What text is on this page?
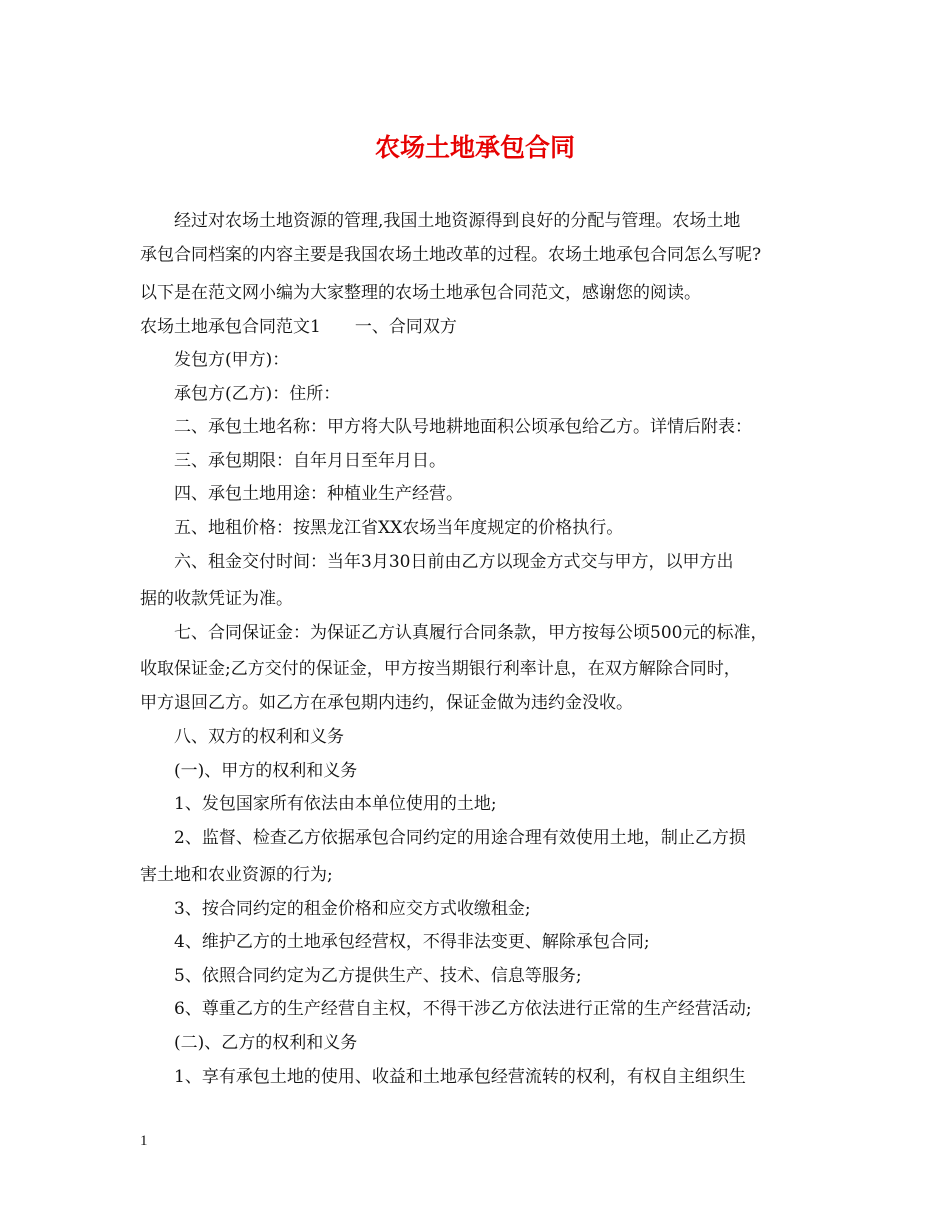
农场土地承包合同
　　经过对农场土地资源的管理,我国土地资源得到良好的分配与管理。农场土地
承包合同档案的内容主要是我国农场土地改革的过程。农场土地承包合同怎么写呢?
以下是在范文网小编为大家整理的农场土地承包合同范文，感谢您的阅读。
农场土地承包合同范文1　　一、合同双方
　　发包方(甲方)：
　　承包方(乙方)：住所：
　　二、承包土地名称：甲方将大队号地耕地面积公顷承包给乙方。详情后附表：
　　三、承包期限：自年月日至年月日。
　　四、承包土地用途：种植业生产经营。
　　五、地租价格：按黑龙江省XX农场当年度规定的价格执行。
　　六、租金交付时间：当年3月30日前由乙方以现金方式交与甲方，以甲方出
据的收款凭证为准。
　　七、合同保证金：为保证乙方认真履行合同条款，甲方按每公顷500元的标准，
收取保证金;乙方交付的保证金，甲方按当期银行利率计息，在双方解除合同时，
甲方退回乙方。如乙方在承包期内违约，保证金做为违约金没收。
　　八、双方的权利和义务
　　(一)、甲方的权利和义务
　　1、发包国家所有依法由本单位使用的土地;
　　2、监督、检查乙方依据承包合同约定的用途合理有效使用土地，制止乙方损
害土地和农业资源的行为;
　　3、按合同约定的租金价格和应交方式收缴租金;
　　4、维护乙方的土地承包经营权，不得非法变更、解除承包合同;
　　5、依照合同约定为乙方提供生产、技术、信息等服务;
　　6、尊重乙方的生产经营自主权，不得干涉乙方依法进行正常的生产经营活动;
　　(二)、乙方的权利和义务
　　1、享有承包土地的使用、收益和土地承包经营流转的权利，有权自主组织生
1
